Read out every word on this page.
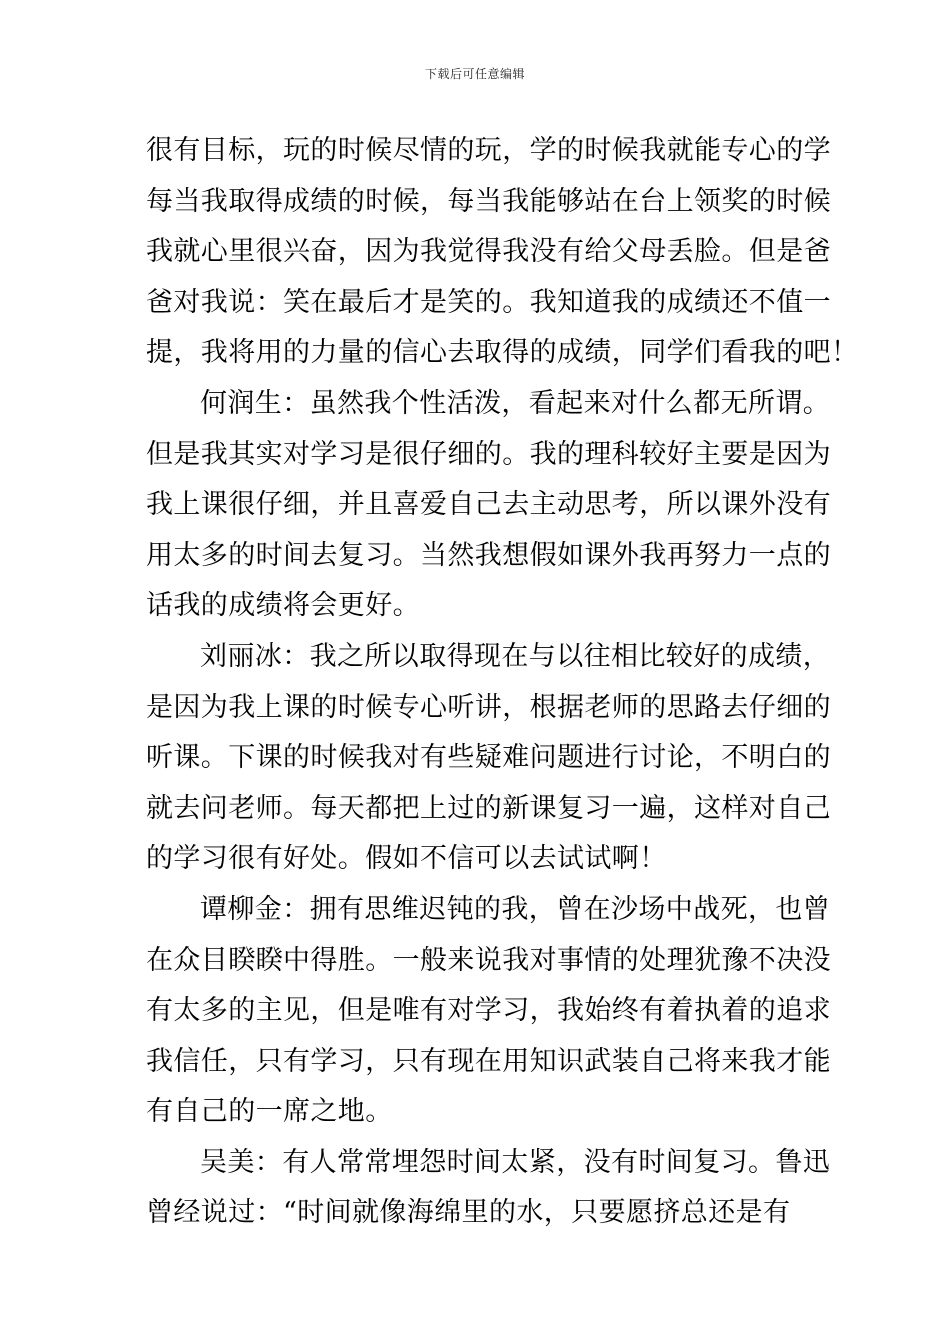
下载后可任意编辑
很有目标，玩的时候尽情的玩，学的时候我就能专心的学
每当我取得成绩的时候，每当我能够站在台上领奖的时候
我就心里很兴奋，因为我觉得我没有给父母丢脸。但是爸
爸对我说：笑在最后才是笑的。我知道我的成绩还不值一
提，我将用的力量的信心去取得的成绩，同学们看我的吧！
何润生：虽然我个性活泼，看起来对什么都无所谓。
但是我其实对学习是很仔细的。我的理科较好主要是因为
我上课很仔细，并且喜爱自己去主动思考，所以课外没有
用太多的时间去复习。当然我想假如课外我再努力一点的
话我的成绩将会更好。
刘丽冰：我之所以取得现在与以往相比较好的成绩，
是因为我上课的时候专心听讲，根据老师的思路去仔细的
听课。下课的时候我对有些疑难问题进行讨论，不明白的
就去问老师。每天都把上过的新课复习一遍，这样对自己
的学习很有好处。假如不信可以去试试啊！
谭柳金：拥有思维迟钝的我，曾在沙场中战死，也曾
在众目睽睽中得胜。一般来说我对事情的处理犹豫不决没
有太多的主见，但是唯有对学习，我始终有着执着的追求
我信任，只有学习，只有现在用知识武装自己将来我才能
有自己的一席之地。
吴美：有人常常埋怨时间太紧，没有时间复习。鲁迅
曾经说过：“时间就像海绵里的水，只要愿挤总还是有
